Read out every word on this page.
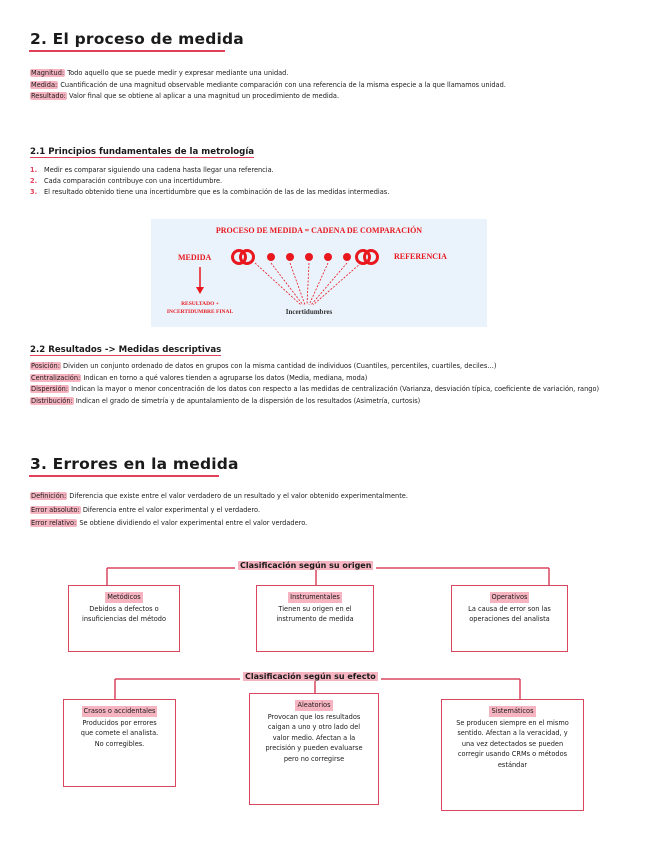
2. El proceso de medida
Magnitud: Todo aquello que se puede medir y expresar mediante una unidad.
Medida: Cuantificación de una magnitud observable mediante comparación con una referencia de la misma especie a la que llamamos unidad.
Resultado: Valor final que se obtiene al aplicar a una magnitud un procedimiento de medida.
2.1 Principios fundamentales de la metrología
1. Medir es comparar siguiendo una cadena hasta llegar una referencia.
2. Cada comparación contribuye con una incertidumbre.
3. El resultado obtenido tiene una incertidumbre que es la combinación de las de las medidas intermedias.
PROCESO DE MEDIDA = CADENA DE COMPARACIÓN
MEDIDA	REFERENCIA
RESULTADO +
INCERTIDUMBRE FINAL	Incertidumbres
2.2 Resultados -> Medidas descriptivas
Posición: Dividen un conjunto ordenado de datos en grupos con la misma cantidad de individuos (Cuantiles, percentiles, cuartiles, deciles…)
Centralización: Indican en torno a qué valores tienden a agruparse los datos (Media, mediana, moda)
Dispersión: Indican la mayor o menor concentración de los datos con respecto a las medidas de centralización (Varianza, desviación típica, coeficiente de variación, rango)
Distribución: Indican el grado de simetría y de apuntalamiento de la dispersión de los resultados (Asimetría, curtosis)
3. Errores en la medida
Definición: Diferencia que existe entre el valor verdadero de un resultado y el valor obtenido experimentalmente.
Error absoluto: Diferencia entre el valor experimental y el verdadero.
Error relativo: Se obtiene dividiendo el valor experimental entre el valor verdadero.
Clasificación según su origen
Metódicos
Debidos a defectos o insuficiencias del método
Instrumentales
Tienen su origen en el instrumento de medida
Operativos
La causa de error son las operaciones del analista
Clasificación según su efecto
Crasos o accidentales
Producidos por errores que comete el analista. No corregibles.
Aleatorios
Provocan que los resultados caigan a uno y otro lado del valor medio. Afectan a la precisión y pueden evaluarse pero no corregirse
Sistemáticos
Se producen siempre en el mismo sentido. Afectan a la veracidad, y una vez detectados se pueden corregir usando CRMs o métodos estándar
